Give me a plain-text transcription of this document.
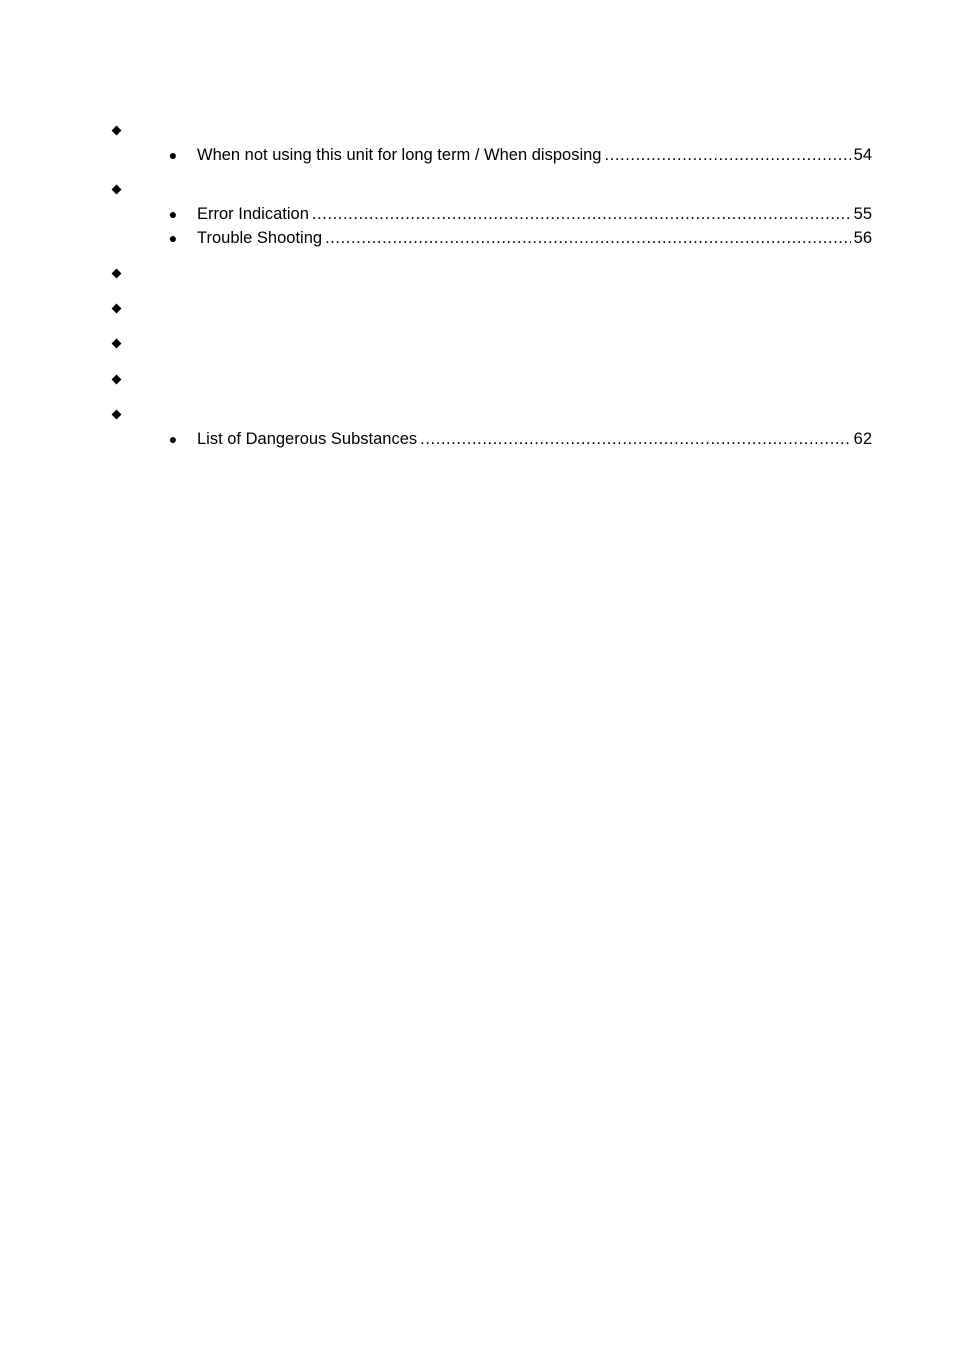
● When not using this unit for long term / When disposing .....	54
● Error Indication .....	55
● Trouble Shooting .....	56
● List of Dangerous Substances .....	62
